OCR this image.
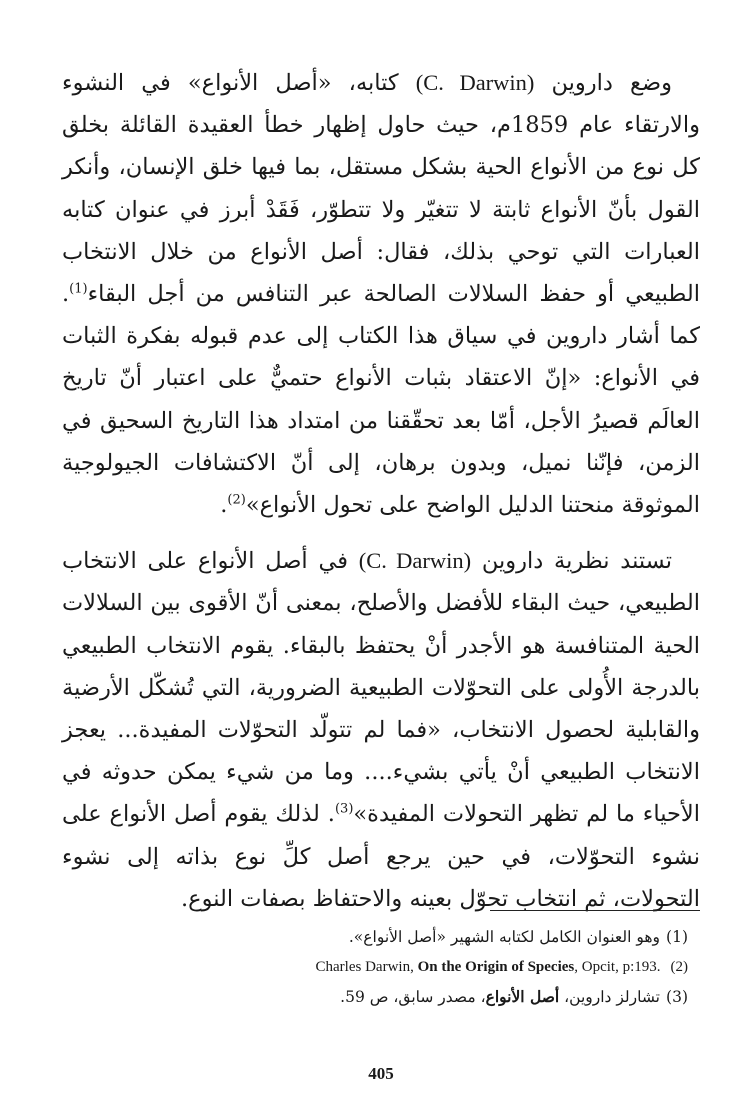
وضع داروين (C. Darwin) كتابه، «أصل الأنواع» في النشوء والارتقاء عام 1859م، حيث حاول إظهار خطأ العقيدة القائلة بخلق كل نوع من الأنواع الحية بشكل مستقل، بما فيها خلق الإنسان، وأنكر القول بأنّ الأنواع ثابتة لا تتغيّر ولا تتطوّر، فَقَدْ أبرز في عنوان كتابه العبارات التي توحي بذلك، فقال: أصل الأنواع من خلال الانتخاب الطبيعي أو حفظ السلالات الصالحة عبر التنافس من أجل البقاء$^{(1)}$. كما أشار داروين في سياق هذا الكتاب إلى عدم قبوله بفكرة الثبات في الأنواع: «إنّ الاعتقاد بثبات الأنواع حتميٌّ على اعتبار أنّ تاريخ العالَم قصيرُ الأجل، أمّا بعد تحقّقنا من امتداد هذا التاريخ السحيق في الزمن، فإنّنا نميل، وبدون برهان، إلى أنّ الاكتشافات الجيولوجية الموثوقة منحتنا الدليل الواضح على تحول الأنواع»$^{(2)}$.

تستند نظرية داروين (C. Darwin) في أصل الأنواع على الانتخاب الطبيعي، حيث البقاء للأفضل والأصلح، بمعنى أنّ الأقوى بين السلالات الحية المتنافسة هو الأجدر أنْ يحتفظ بالبقاء. يقوم الانتخاب الطبيعي بالدرجة الأُولى على التحوّلات الطبيعية الضرورية، التي تُشكّل الأرضية والقابلية لحصول الانتخاب، «فما لم تتولّد التحوّلات المفيدة... يعجز الانتخاب الطبيعي أنْ يأتي بشيء.... وما من شيء يمكن حدوثه في الأحياء ما لم تظهر التحولات المفيدة»$^{(3)}$. لذلك يقوم أصل الأنواع على نشوء التحوّلات، في حين يرجع أصل كلِّ نوع بذاته إلى نشوء التحولات، ثم انتخاب تحوّل بعينه والاحتفاظ بصفات النوع.

(1)وهو العنوان الكامل لكتابه الشهير «أصل الأنواع».
Charles Darwin, On the Origin of Species, Opcit, p:193. (2)
(3)تشارلز داروين، أصل الأنواع، مصدر سابق، ص 59.
405
